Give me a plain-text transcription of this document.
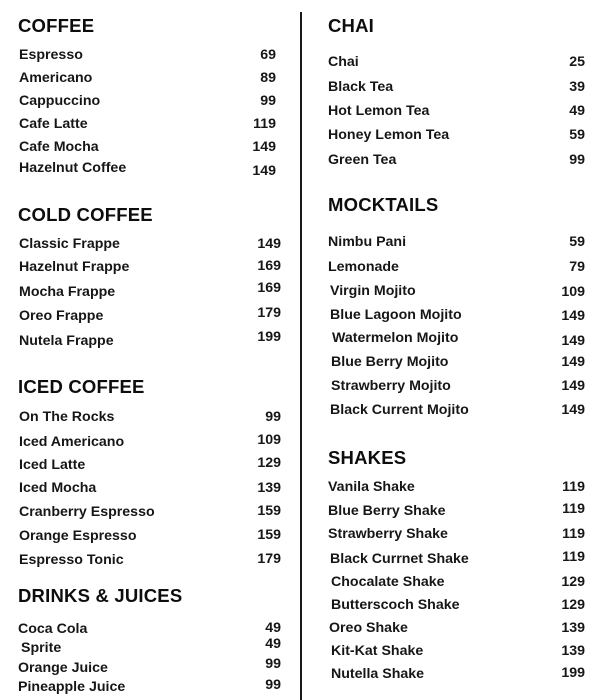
COFFEE
Espresso	69
Americano	89
Cappuccino	99
Cafe Latte	119
Cafe Mocha	149
Hazelnut Coffee	149
COLD COFFEE
Classic Frappe	149
Hazelnut Frappe	169
Mocha Frappe	169
Oreo Frappe	179
Nutela Frappe	199
ICED COFFEE
On The Rocks	99
Iced Americano	109
Iced Latte	129
Iced Mocha	139
Cranberry Espresso	159
Orange Espresso	159
Espresso Tonic	179
DRINKS & JUICES
Coca Cola	49
Sprite	49
Orange Juice	99
Pineapple Juice	99
CHAI
Chai	25
Black Tea	39
Hot Lemon Tea	49
Honey Lemon Tea	59
Green Tea	99
MOCKTAILS
Nimbu Pani	59
Lemonade	79
Virgin Mojito	109
Blue Lagoon Mojito	149
Watermelon Mojito	149
Blue Berry Mojito	149
Strawberry Mojito	149
Black Current Mojito	149
SHAKES
Vanila Shake	119
Blue Berry Shake	119
Strawberry Shake	119
Black Currnet Shake	119
Chocalate Shake	129
Butterscoch Shake	129
Oreo Shake	139
Kit-Kat Shake	139
Nutella Shake	199
